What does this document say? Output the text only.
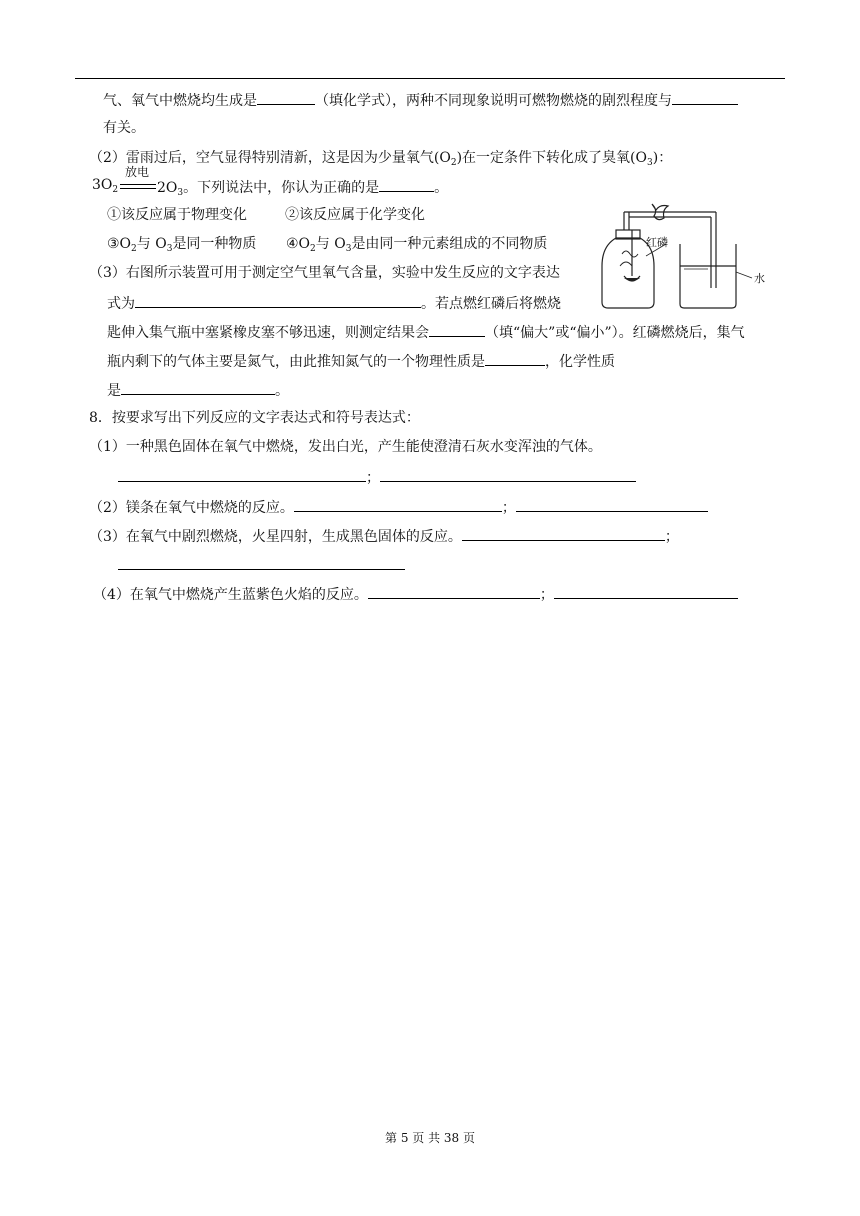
气、氧气中燃烧均生成是	（填化学式），两种不同现象说明可燃物燃烧的剧烈程度与
有关。
（2）雷雨过后，空气显得特别清新，这是因为少量氧气$(O_2)$在一定条件下转化成了臭氧$(O_3)$：
放电
$3O_2$	$2O_3$。下列说法中，你认为正确的是	。
①该反应属于物理变化	②该反应属于化学变化
$③O_2$与 $O_3$是同一种物质 $④O_2$与 $O_3$是由同一种元素组成的不同物质	红磷
水
（3）右图所示装置可用于测定空气里氧气含量，实验中发生反应的文字表达
式为	。若点燃红磷后将燃烧
匙伸入集气瓶中塞紧橡皮塞不够迅速，则测定结果会	（填“偏大”或“偏小”）。红磷燃烧后，集气
瓶内剩下的气体主要是氮气，由此推知氮气的一个物理性质是	，化学性质
是	。
8．按要求写出下列反应的文字表达式和符号表达式：
（1）一种黑色固体在氧气中燃烧，发出白光，产生能使澄清石灰水变浑浊的气体。
；
（2）镁条在氧气中燃烧的反应。	；
（3）在氧气中剧烈燃烧，火星四射，生成黑色固体的反应。	；
（4）在氧气中燃烧产生蓝紫色火焰的反应。	；
第 5 页 共 38 页
